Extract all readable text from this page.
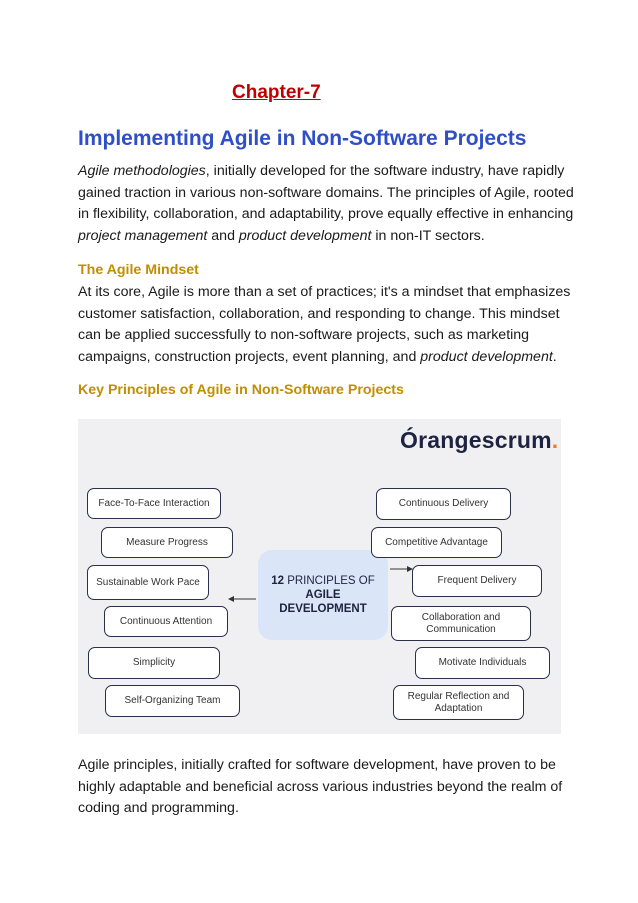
Chapter-7
Implementing Agile in Non-Software Projects
Agile methodologies, initially developed for the software industry, have rapidly gained traction in various non-software domains. The principles of Agile, rooted in flexibility, collaboration, and adaptability, prove equally effective in enhancing project management and product development in non-IT sectors.
The Agile Mindset
At its core, Agile is more than a set of practices; it's a mindset that emphasizes customer satisfaction, collaboration, and responding to change. This mindset can be applied successfully to non-software projects, such as marketing campaigns, construction projects, event planning, and product development.
Key Principles of Agile in Non-Software Projects
Órangescrum.
Face-To-Face Interaction
Measure Progress
Sustainable Work Pace
Continuous Attention
Simplicity
Self-Organizing Team
12 PRINCIPLES OF
AGILE
DEVELOPMENT
Continuous Delivery
Competitive Advantage
Frequent Delivery
Collaboration and Communication
Motivate Individuals
Regular Reflection and Adaptation
Agile principles, initially crafted for software development, have proven to be highly adaptable and beneficial across various industries beyond the realm of coding and programming.
